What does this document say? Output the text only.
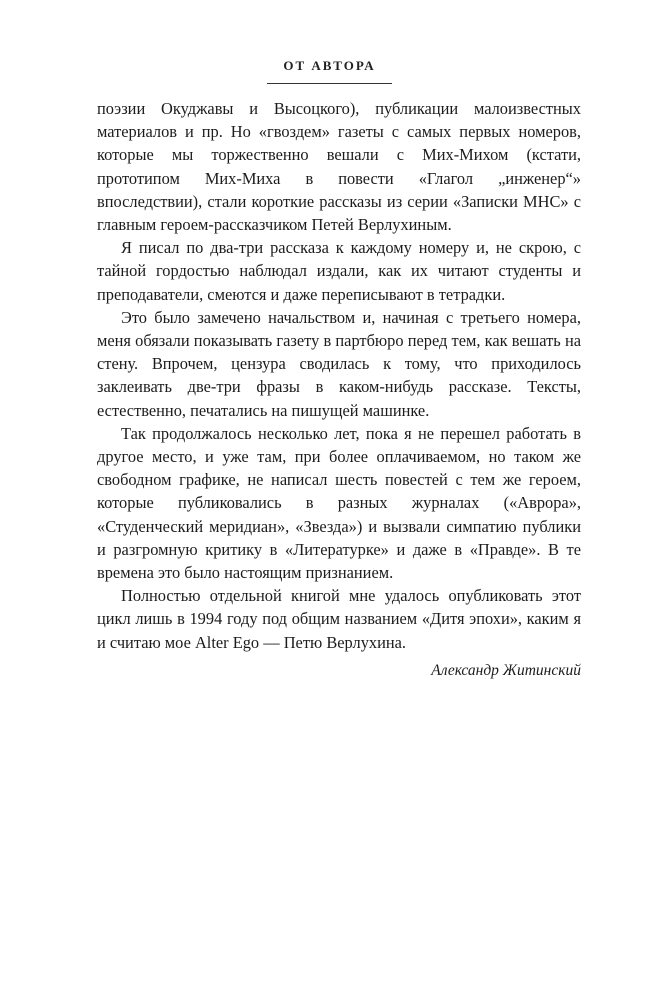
ОТ АВТОРА

поэзии Окуджавы и Высоцкого), публикации малоизвестных материалов и пр. Но «гвоздем» газеты с самых первых номеров, которые мы торжественно вешали с Мих-Михом (кстати, прототипом Мих-Миха в повести «Глагол „инженер“» впоследствии), стали короткие рассказы из серии «Записки МНС» с главным героем-рассказчиком Петей Верлухиным.

Я писал по два-три рассказа к каждому номеру и, не скрою, с тайной гордостью наблюдал издали, как их читают студенты и преподаватели, смеются и даже переписывают в тетрадки.

Это было замечено начальством и, начиная с третьего номера, меня обязали показывать газету в партбюро перед тем, как вешать на стену. Впрочем, цензура сводилась к тому, что приходилось заклеивать две-три фразы в каком-нибудь рассказе. Тексты, естественно, печатались на пишущей машинке.

Так продолжалось несколько лет, пока я не перешел работать в другое место, и уже там, при более оплачиваемом, но таком же свободном графике, не написал шесть повестей с тем же героем, которые публиковались в разных журналах («Аврора», «Студенческий меридиан», «Звезда») и вызвали симпатию публики и разгромную критику в «Литературке» и даже в «Правде». В те времена это было настоящим признанием.

Полностью отдельной книгой мне удалось опубликовать этот цикл лишь в 1994 году под общим названием «Дитя эпохи», каким я и считаю мое Alter Ego — Петю Верлухина.

Александр Житинский
